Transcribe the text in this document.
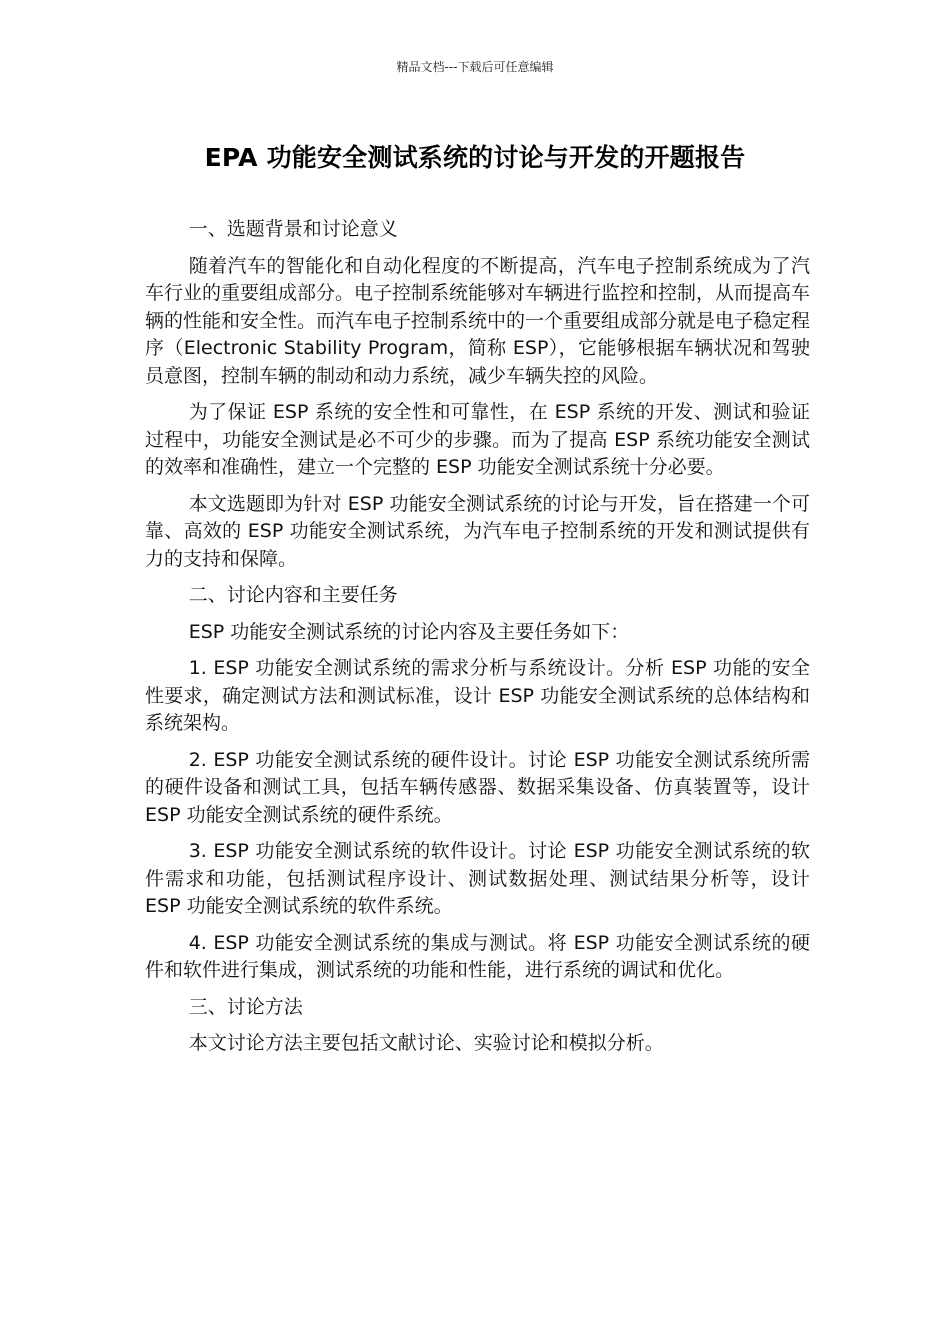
精品文档---下载后可任意编辑
EPA 功能安全测试系统的讨论与开发的开题报告

一、选题背景和讨论意义

随着汽车的智能化和自动化程度的不断提高，汽车电子控制系统成为了汽车行业的重要组成部分。电子控制系统能够对车辆进行监控和控制，从而提高车辆的性能和安全性。而汽车电子控制系统中的一个重要组成部分就是电子稳定程序（Electronic Stability Program，简称 ESP），它能够根据车辆状况和驾驶员意图，控制车辆的制动和动力系统，减少车辆失控的风险。

为了保证 ESP 系统的安全性和可靠性，在 ESP 系统的开发、测试和验证过程中，功能安全测试是必不可少的步骤。而为了提高 ESP 系统功能安全测试的效率和准确性，建立一个完整的 ESP 功能安全测试系统十分必要。

本文选题即为针对 ESP 功能安全测试系统的讨论与开发，旨在搭建一个可靠、高效的 ESP 功能安全测试系统，为汽车电子控制系统的开发和测试提供有力的支持和保障。

二、讨论内容和主要任务

ESP 功能安全测试系统的讨论内容及主要任务如下：

1. ESP 功能安全测试系统的需求分析与系统设计。分析 ESP 功能的安全性要求，确定测试方法和测试标准，设计 ESP 功能安全测试系统的总体结构和系统架构。

2. ESP 功能安全测试系统的硬件设计。讨论 ESP 功能安全测试系统所需的硬件设备和测试工具，包括车辆传感器、数据采集设备、仿真装置等，设计 ESP 功能安全测试系统的硬件系统。

3. ESP 功能安全测试系统的软件设计。讨论 ESP 功能安全测试系统的软件需求和功能，包括测试程序设计、测试数据处理、测试结果分析等，设计 ESP 功能安全测试系统的软件系统。

4. ESP 功能安全测试系统的集成与测试。将 ESP 功能安全测试系统的硬件和软件进行集成，测试系统的功能和性能，进行系统的调试和优化。

三、讨论方法

本文讨论方法主要包括文献讨论、实验讨论和模拟分析。
